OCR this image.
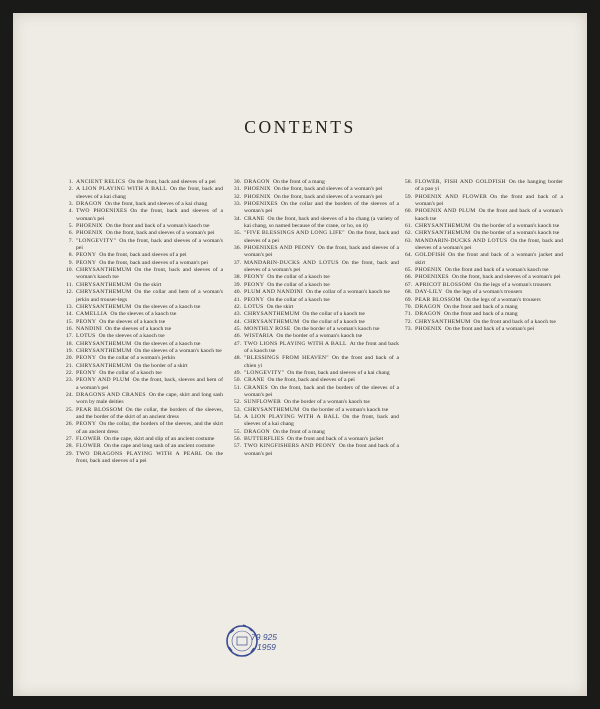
CONTENTS
1. ANCIENT RELICS On the front, back and sleeves of a pei
2. A LION PLAYING WITH A BALL On the front, back and sleeves of a kai chang
3. DRAGON On the front, back and sleeves of a kai chang
4. TWO PHOENIXES On the front, back and sleeves of a woman's pei
5. PHOENIX On the front and back of a woman's kaoch tse
6. PHOENIX On the front, back and sleeves of a woman's pei
7. "LONGEVITY" On the front, back and sleeves of a woman's pei
8. PEONY On the front, back and sleeves of a pei
9. PEONY On the front, back and sleeves of a woman's pei
10. CHRYSANTHEMUM On the front, back and sleeves of a woman's kaoch tse
11. CHRYSANTHEMUM On the skirt
12. CHRYSANTHEMUM On the collar and hem of a woman's jerkin and trouser-legs
13. CHRYSANTHEMUM On the sleeves of a kaoch tse
14. CAMELLIA On the sleeves of a kaoch tse
15. PEONY On the sleeves of a kaoch tse
16. NANDINI On the sleeves of a kaoch tse
17. LOTUS On the sleeves of a kaoch tse
18. CHRYSANTHEMUM On the sleeves of a kaoch tse
19. CHRYSANTHEMUM On the sleeves of a woman's kaoch tse
20. PEONY On the collar of a woman's jerkin
21. CHRYSANTHEMUM On the border of a skirt
22. PEONY On the collar of a kaoch tse
23. PEONY AND PLUM On the front, back, sleeves and hem of a woman's pei
24. DRAGONS AND CRANES On the cape, skirt and long sash worn by male deities
25. PEAR BLOSSOM On the collar, the borders of the sleeves, and the border of the skirt of an ancient dress
26. PEONY On the collar, the borders of the sleeves, and the skirt of an ancient dress
27. FLOWER On the cape, skirt and slip of an ancient costume
28. FLOWER On the cape and long sash of an ancient costume
29. TWO DRAGONS PLAYING WITH A PEARL On the front, back and sleeves of a pei
30. DRAGON On the front of a mang
31. PHOENIX On the front, back and sleeves of a woman's pei
32. PHOENIX On the front, back and sleeves of a woman's pei
33. PHOENIXES On the collar and the borders of the sleeves of a woman's pei
34. CRANE On the front, back and sleeves of a ho chang (a variety of kai chang, so named because of the crane, or ho, on it)
35. "FIVE BLESSINGS AND LONG LIFE" On the front, back and sleeves of a pei
36. PHOENIXES AND PEONY On the front, back and sleeves of a woman's pei
37. MANDARIN-DUCKS AND LOTUS On the front, back and sleeves of a woman's pei
38. PEONY On the collar of a kaoch tse
39. PEONY On the collar of a kaoch tse
40. PLUM AND NANDINI On the collar of a woman's kaoch tse
41. PEONY On the collar of a kaoch tse
42. LOTUS On the skirt
43. CHRYSANTHEMUM On the collar of a kaoch tse
44. CHRYSANTHEMUM On the collar of a kaoch tse
45. MONTHLY ROSE On the border of a woman's kaoch tse
46. WISTARIA On the border of a woman's kaoch tse
47. TWO LIONS PLAYING WITH A BALL At the front and back of a kaoch tse
48. "BLESSINGS FROM HEAVEN" On the front and back of a chien yi
49. "LONGEVITY" On the front, back and sleeves of a kai chang
50. CRANE On the front, back and sleeves of a pei
51. CRANES On the front, back and the borders of the sleeves of a woman's pei
52. SUNFLOWER On the border of a woman's kaoch tse
53. CHRYSANTHEMUM On the border of a woman's kaoch tse
54. A LION PLAYING WITH A BALL On the front, back and sleeves of a kai chang
55. DRAGON On the front of a mang
56. BUTTERFLIES On the front and back of a woman's jacket
57. TWO KINGFISHERS AND PEONY On the front and back of a woman's pei
58. FLOWER, FISH AND GOLDFISH On the hanging border of a pao yi
59. PHOENIX AND FLOWER On the front and back of a woman's pei
60. PHOENIX AND PLUM On the front and back of a woman's kaoch tse
61. CHRYSANTHEMUM On the border of a woman's kaoch tse
62. CHRYSANTHEMUM On the border of a woman's kaoch tse
63. MANDARIN-DUCKS AND LOTUS On the front, back and sleeves of a woman's pei
64. GOLDFISH On the front and back of a woman's jacket and skirt
65. PHOENIX On the front and back of a woman's kaoch tse
66. PHOENIXES On the front, back and sleeves of a woman's pei
67. APRICOT BLOSSOM On the legs of a woman's trousers
68. DAY-LILY On the legs of a woman's trousers
69. PEAR BLOSSOM On the legs of a woman's trousers
70. DRAGON On the front and back of a mang
71. DRAGON On the front and back of a mang
72. CHRYSANTHEMUM On the front and back of a kaoch tse
73. PHOENIX On the front and back of a woman's pei
79 925
1959
